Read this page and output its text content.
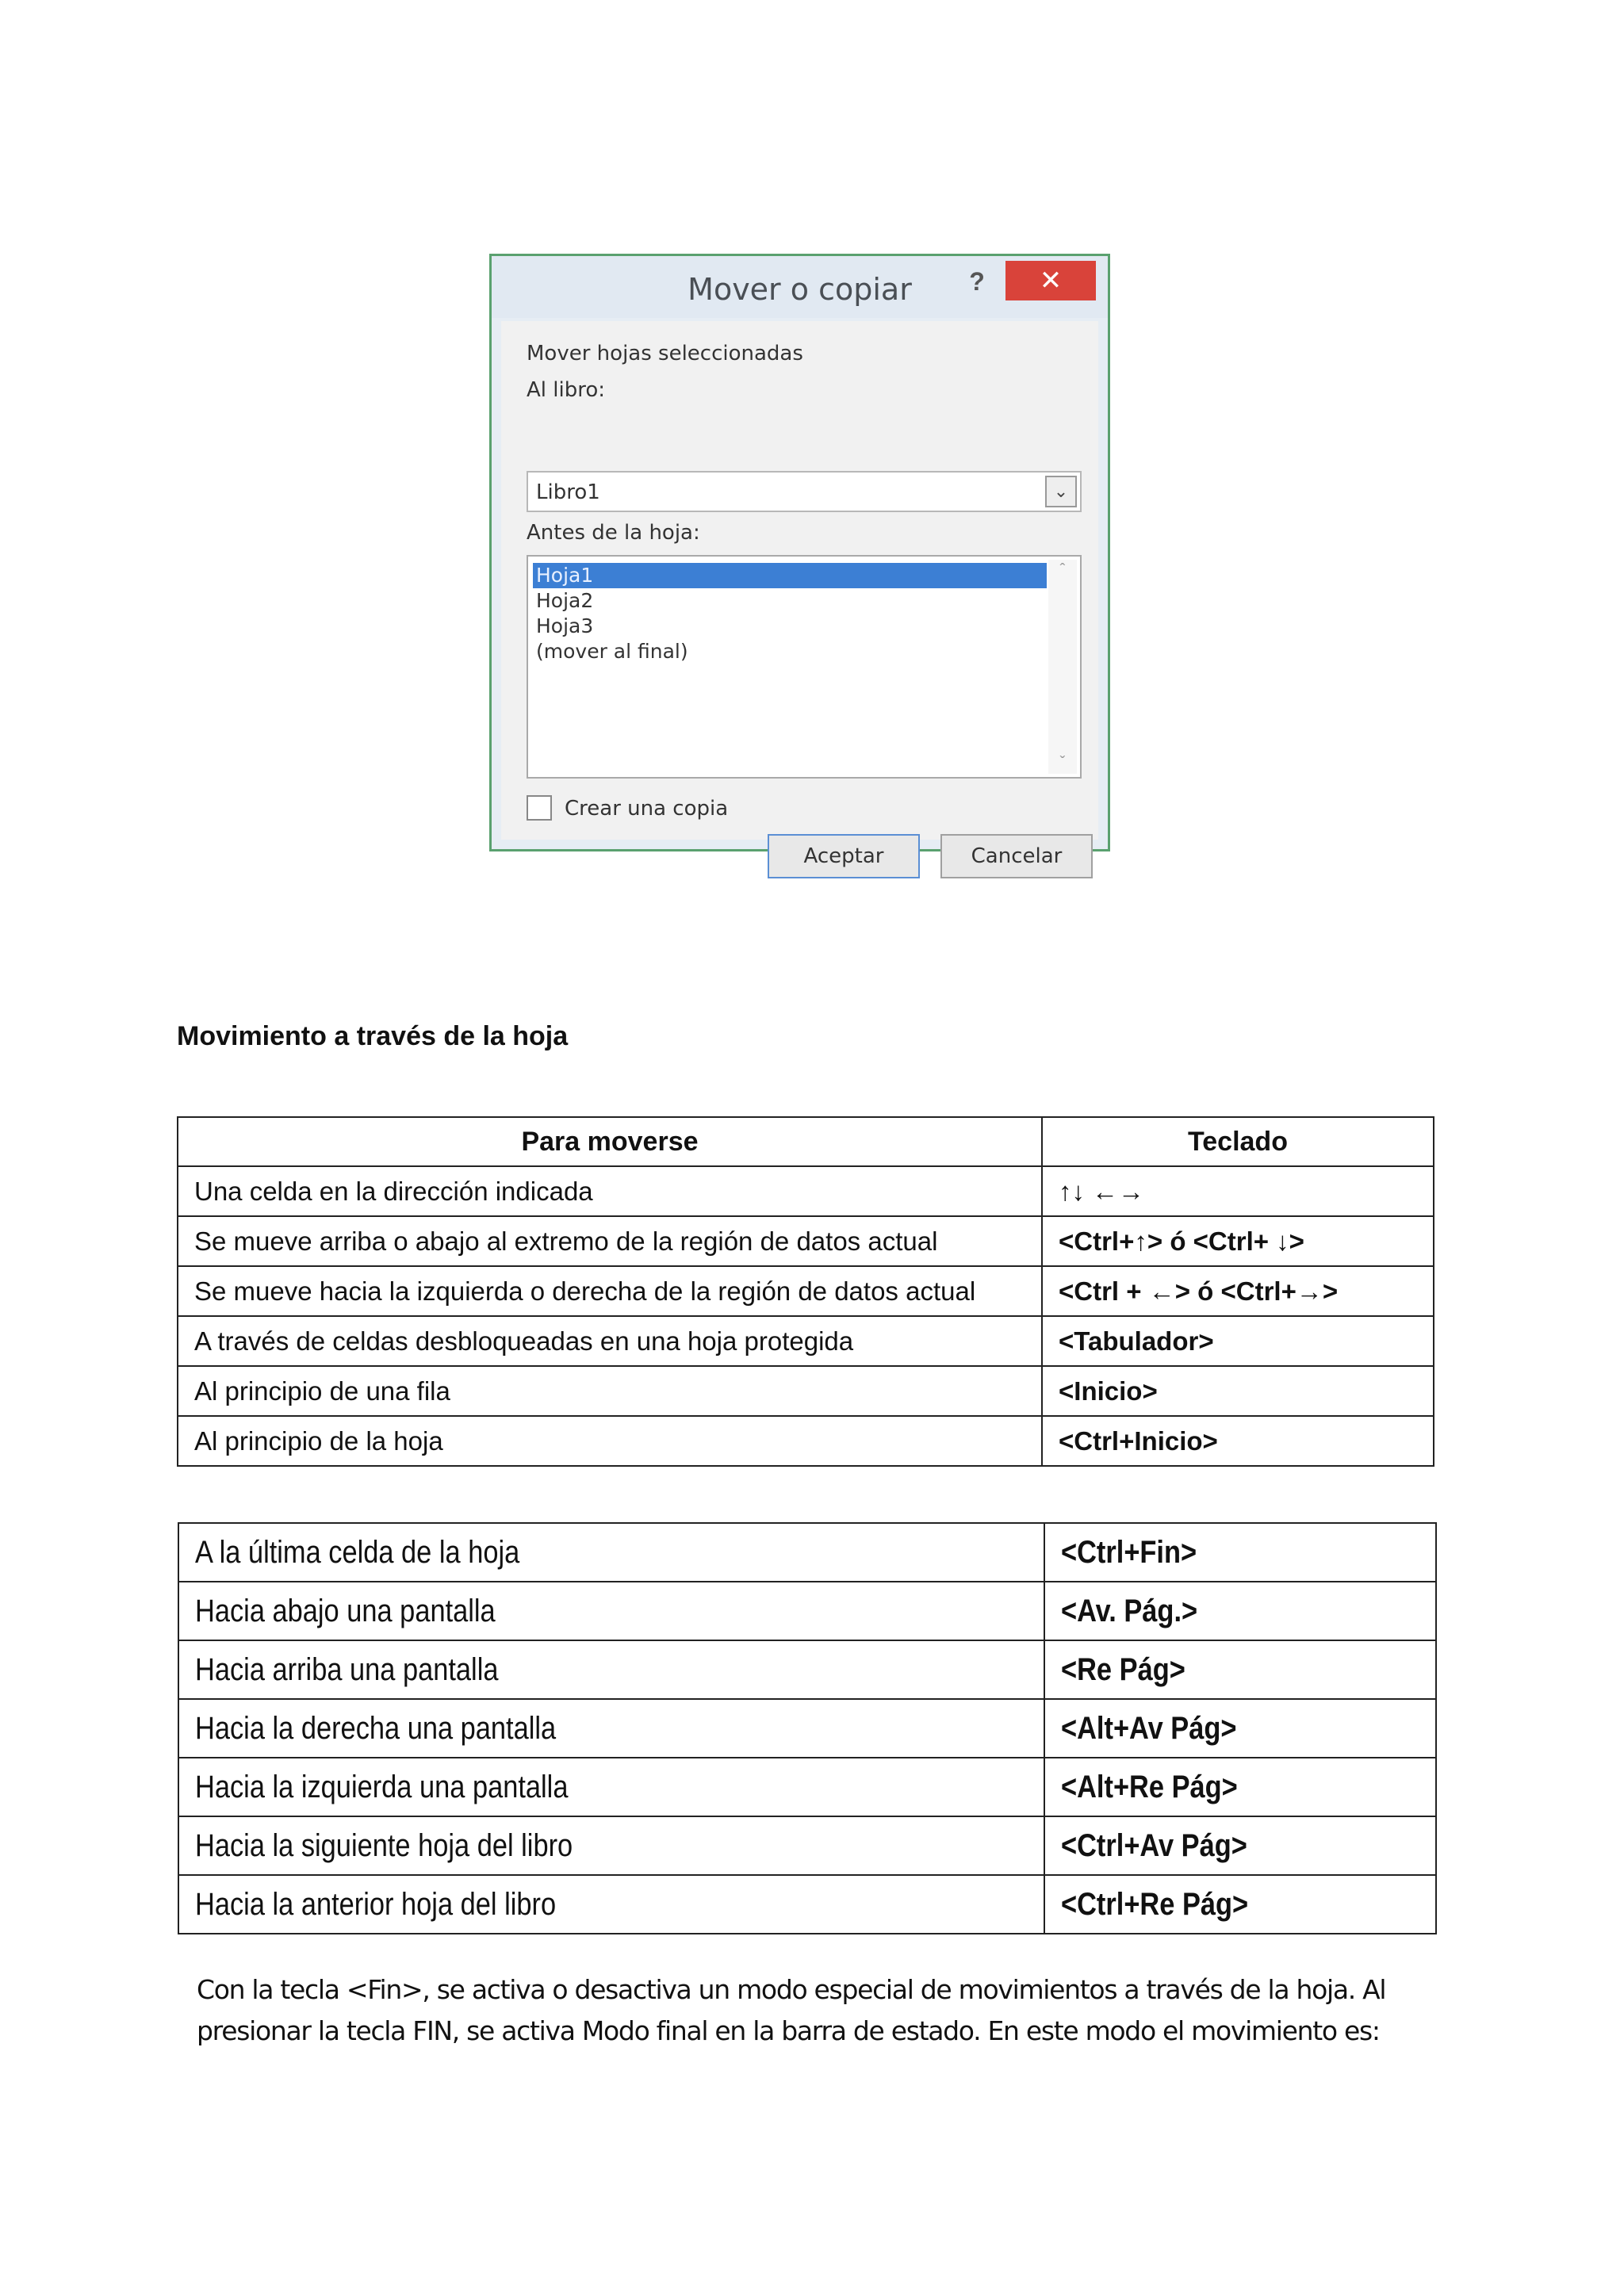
Mover o copiar	?	✕
Mover hojas seleccionadas
Al libro:
Libro1	⌄
Antes de la hoja:
Hoja1
Hoja2
Hoja3
(mover al final)
ˆ
ˇ
Crear una copia
Aceptar	Cancelar
Movimiento a través de la hoja
Para moverse	Teclado
Una celda en la dirección indicada	↑↓ ←→
Se mueve arriba o abajo al extremo de la región de datos actual	<Ctrl+↑> ó <Ctrl+ ↓>
Se mueve hacia la izquierda o derecha de la región de datos actual	<Ctrl + ←> ó <Ctrl+→>
A través de celdas desbloqueadas en una hoja protegida	<Tabulador>
Al principio de una fila	<Inicio>
Al principio de la hoja	<Ctrl+Inicio>
A la última celda de la hoja	<Ctrl+Fin>
Hacia abajo una pantalla	<Av. Pág.>
Hacia arriba una pantalla	<Re Pág>
Hacia la derecha una pantalla	<Alt+Av Pág>
Hacia la izquierda una pantalla	<Alt+Re Pág>
Hacia la siguiente hoja del libro	<Ctrl+Av Pág>
Hacia la anterior hoja del libro	<Ctrl+Re Pág>
Con la tecla <Fin>, se activa o desactiva un modo especial de movimientos a través de la hoja. Al
presionar la tecla FIN, se activa Modo final en la barra de estado. En este modo el movimiento es:
